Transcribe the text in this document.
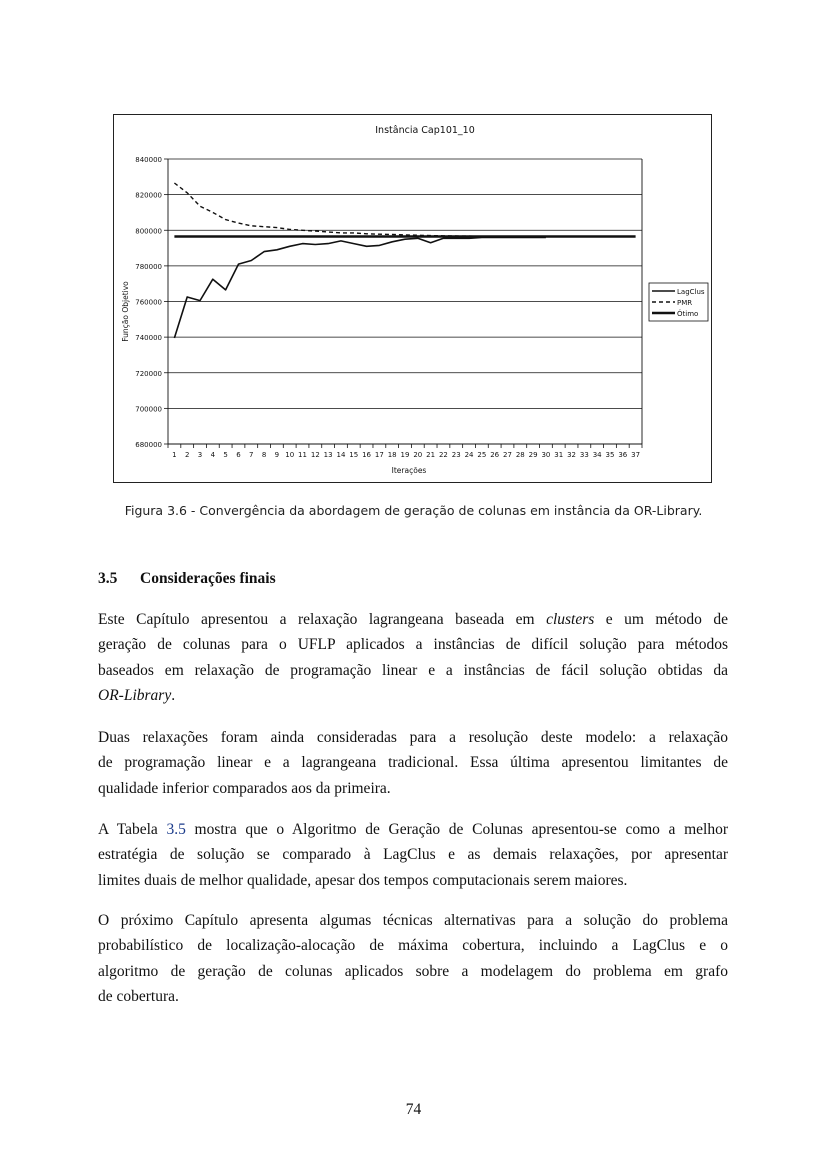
Instância Cap101_10
680000
700000
720000
740000
760000
780000
800000
820000
840000
1 2 3 4 5 6 7 8 9 10 11 12 13 14 15 16 17 18 19 20 21 22 23 24 25 26 27 28 29 30 31 32 33 34 35 36 37
Iterações
Função Objetivo	LagClus
PMR
Ótimo
Figura 3.6 - Convergência da abordagem de geração de colunas em instância da OR-Library.
3.5 Considerações finais
Este Capítulo apresentou a relaxação lagrangeana baseada em clusters e um método de
geração de colunas para o UFLP aplicados a instâncias de difícil solução para métodos
baseados em relaxação de programação linear e a instâncias de fácil solução obtidas da
OR-Library.
Duas relaxações foram ainda consideradas para a resolução deste modelo: a relaxação
de programação linear e a lagrangeana tradicional. Essa última apresentou limitantes de
qualidade inferior comparados aos da primeira.
A Tabela 3.5 mostra que o Algoritmo de Geração de Colunas apresentou-se como a melhor
estratégia de solução se comparado à LagClus e as demais relaxações, por apresentar
limites duais de melhor qualidade, apesar dos tempos computacionais serem maiores.
O próximo Capítulo apresenta algumas técnicas alternativas para a solução do problema
probabilístico de localização-alocação de máxima cobertura, incluindo a LagClus e o
algoritmo de geração de colunas aplicados sobre a modelagem do problema em grafo
de cobertura.
74
